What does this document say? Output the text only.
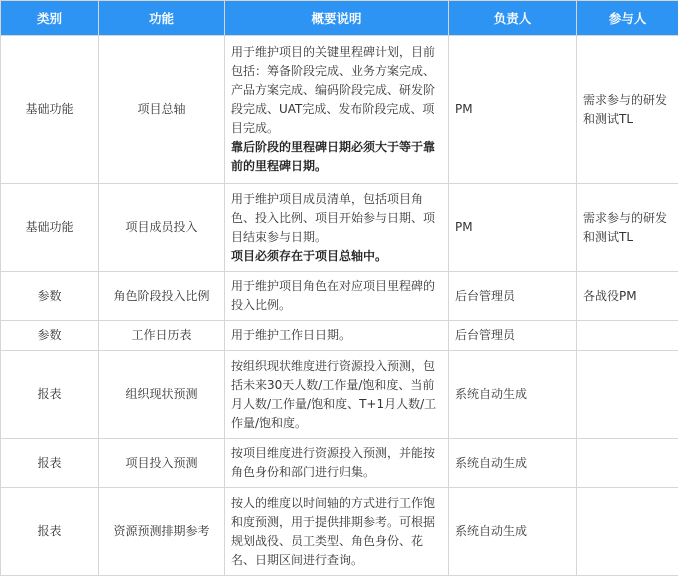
类别	功能	概要说明	负责人	参与人

基础功能	项目总轴	用于维护项目的关键里程碑计划，目前包括：筹备阶段完成、业务方案完成、产品方案完成、编码阶段完成、研发阶段完成、UAT完成、发布阶段完成、项目完成。
靠后阶段的里程碑日期必须大于等于靠前的里程碑日期。	PM	需求参与的研发和测试TL

基础功能	项目成员投入	用于维护项目成员清单，包括项目角色、投入比例、项目开始参与日期、项目结束参与日期。
项目必须存在于项目总轴中。	PM	需求参与的研发和测试TL

参数	角色阶段投入比例	用于维护项目角色在对应项目里程碑的投入比例。	后台管理员	各战役PM

参数	工作日历表	用于维护工作日日期。	后台管理员	

报表	组织现状预测	按组织现状维度进行资源投入预测，包括未来30天人数/工作量/饱和度、当前月人数/工作量/饱和度、T+1月人数/工作量/饱和度。	系统自动生成	

报表	项目投入预测	按项目维度进行资源投入预测，并能按角色身份和部门进行归集。	系统自动生成	

报表	资源预测排期参考	按人的维度以时间轴的方式进行工作饱和度预测，用于提供排期参考。可根据规划战役、员工类型、角色身份、花名、日期区间进行查询。	系统自动生成	
